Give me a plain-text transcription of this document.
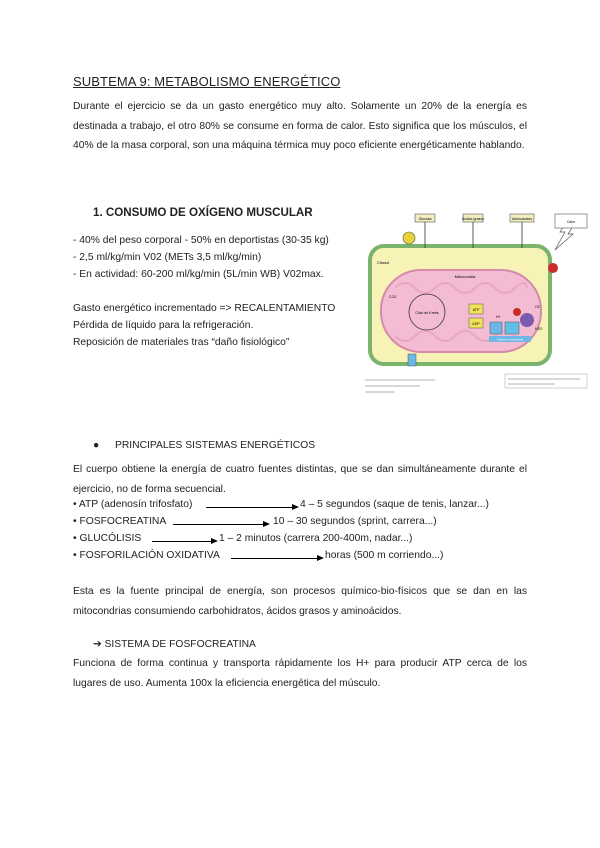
SUBTEMA 9: METABOLISMO ENERGÉTICO
Durante el ejercicio se da un gasto energético muy alto. Solamente un 20% de la energía es destinada a trabajo, el otro 80% se consume en forma de calor. Esto significa que los músculos, el 40% de la masa corporal, son una máquina térmica muy poco eficiente energéticamente hablando.
1. CONSUMO DE OXÍGENO MUSCULAR
- 40% del peso corporal - 50% en deportistas (30-35 kg)
- 2,5 ml/kg/min V02 (METs 3,5 ml/kg/min)
- En actividad: 60-200 ml/kg/min (5L/min WB) V02max.
Gasto energético incrementado => RECALENTAMIENTO
Pérdida de líquido para la refrigeración.
Reposición de materiales tras “daño fisiológico”
Glucosa	Ácidos grasos	Aminoácidos
Calor
Citosol
Mitocondria
Ciclo de Krebs
ATP
ADP
Cadena respiratoria
H+
O2
CO2
H2O
● PRINCIPALES SISTEMAS ENERGÉTICOS
El cuerpo obtiene la energía de cuatro fuentes distintas, que se dan simultáneamente durante el ejercicio, no de forma secuencial.
• ATP (adenosín trifosfato)	4 – 5 segundos (saque de tenis, lanzar...)
• FOSFOCREATINA	10 – 30 segundos (sprint, carrera...)
• GLUCÓLISIS	1 – 2 minutos (carrera 200-400m, nadar...)
• FOSFORILACIÓN OXIDATIVA	horas (500 m corriendo...)
Esta es la fuente principal de energía, son procesos químico-bio-físicos que se dan en las mitocondrias consumiendo carbohidratos, ácidos grasos y aminoácidos.
➔ SISTEMA DE FOSFOCREATINA
Funciona de forma continua y transporta rápidamente los H+ para producir ATP cerca de los lugares de uso. Aumenta 100x la eficiencia energética del músculo.
